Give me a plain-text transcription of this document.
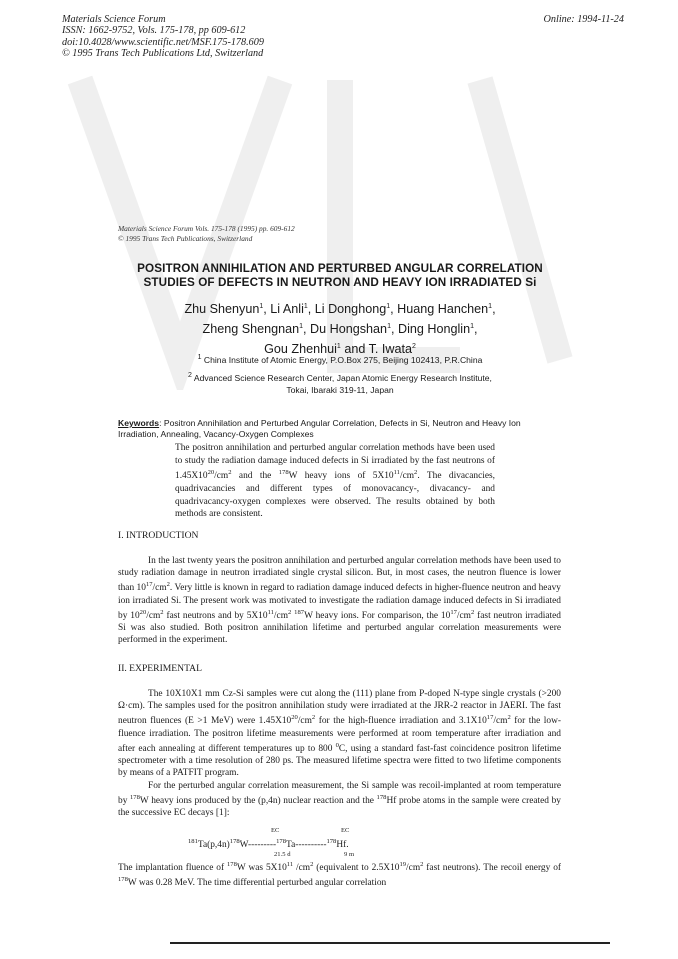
Materials Science Forum
ISSN: 1662-9752, Vols. 175-178, pp 609-612
doi:10.4028/www.scientific.net/MSF.175-178.609
© 1995 Trans Tech Publications Ltd, Switzerland
Online: 1994-11-24
Materials Science Forum Vols. 175-178 (1995) pp. 609-612
© 1995 Trans Tech Publications, Switzerland
POSITRON ANNIHILATION AND PERTURBED ANGULAR CORRELATION
STUDIES OF DEFECTS IN NEUTRON AND HEAVY ION IRRADIATED Si
Zhu Shenyun$^1$, Li Anli$^1$, Li Donghong$^1$, Huang Hanchen$^1$,
Zheng Shengnan$^1$, Du Hongshan$^1$, Ding Honglin$^1$,
Gou Zhenhui$^1$ and T. Iwata$^2$
$^1$ China Institute of Atomic Energy, P.O.Box 275, Beijing 102413, P.R.China
$^2$ Advanced Science Research Center, Japan Atomic Energy Research Institute,
Tokai, Ibaraki 319-11, Japan
Keywords: Positron Annihilation and Perturbed Angular Correlation, Defects in Si, Neutron and Heavy Ion Irradiation, Annealing, Vacancy-Oxygen Complexes
The positron annihilation and perturbed angular correlation methods have been used to study the radiation damage induced defects in Si irradiated by the fast neutrons of $1.45X10^{20}/cm^2$ and the $^{178}$W heavy ions of $5X10^{11}/cm^2$. The divacancies, quadrivacancies and different types of monovacancy-, divacancy- and quadrivacancy-oxygen complexes were observed. The results obtained by both methods are consistent.
I. INTRODUCTION

In the last twenty years the positron annihilation and perturbed angular correlation methods have been used to study radiation damage in neutron irradiated single crystal silicon. But, in most cases, the neutron fluence is lower than $10^{17}/cm^2$. Very little is known in regard to radiation damage induced defects in higher-fluence neutron and heavy ion irradiated Si. The present work was motivated to investigate the radiation damage induced defects in Si irradiated by $10^{20}/cm^2$ fast neutrons and by $5X10^{11}/cm^2$ $^{187}$W heavy ions. For comparison, the $10^{17}/cm^2$ fast neutron irradiated Si was also studied. Both positron annihilation lifetime and perturbed angular correlation measurements were performed in the experiment.

II. EXPERIMENTAL

The 10X10X1 mm Cz-Si samples were cut along the (111) plane from P-doped N-type single crystals (>200 Ω·cm). The samples used for the positron annihilation study were irradiated at the JRR-2 reactor in JAERI. The fast neutron fluences (E >1 MeV) were $1.45X10^{20}/cm^2$ for the high-fluence irradiation and $3.1X10^{17}/cm^2$ for the low-fluence irradiation. The positron lifetime measurements were performed at room temperature after irradiation and after each annealing at different temperatures up to 800 $^0$C, using a standard fast-fast coincidence positron lifetime spectrometer with a time resolution of 280 ps. The measured lifetime spectra were fitted to two lifetime components by means of a PATFIT program.

For the perturbed angular correlation measurement, the Si sample was recoil-implanted at room temperature by $^{178}$W heavy ions produced by the (p,4n) nuclear reaction and the $^{178}$Hf probe atoms in the sample were created by the successive EC decays [1]:

EC	EC
$^{181}Ta(p,4n)^{178}W---------^{178}Ta----------^{178}Hf$.
21.5 d	9 m
The implantation fluence of $^{178}$W was $5X10^{11}$ $/cm^2$ (equivalent to $2.5X10^{19}/cm^2$ fast neutrons). The recoil energy of $^{178}$W was 0.28 MeV. The time differential perturbed angular correlation
